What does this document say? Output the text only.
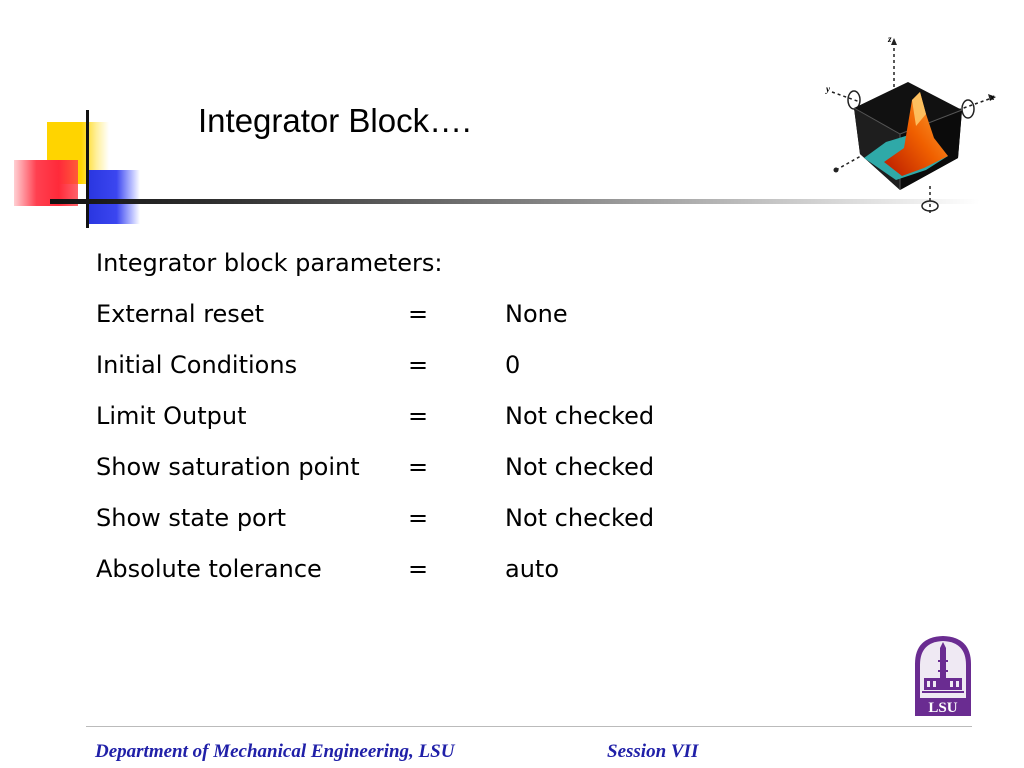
Integrator Block….
z
x
y
Integrator block parameters:
External reset	=	None
Initial Conditions	=	0
Limit Output	=	Not checked
Show saturation point	=	Not checked
Show state port	=	Not checked
Absolute tolerance	=	auto
LSU
Department of Mechanical Engineering, LSU	Session VII
